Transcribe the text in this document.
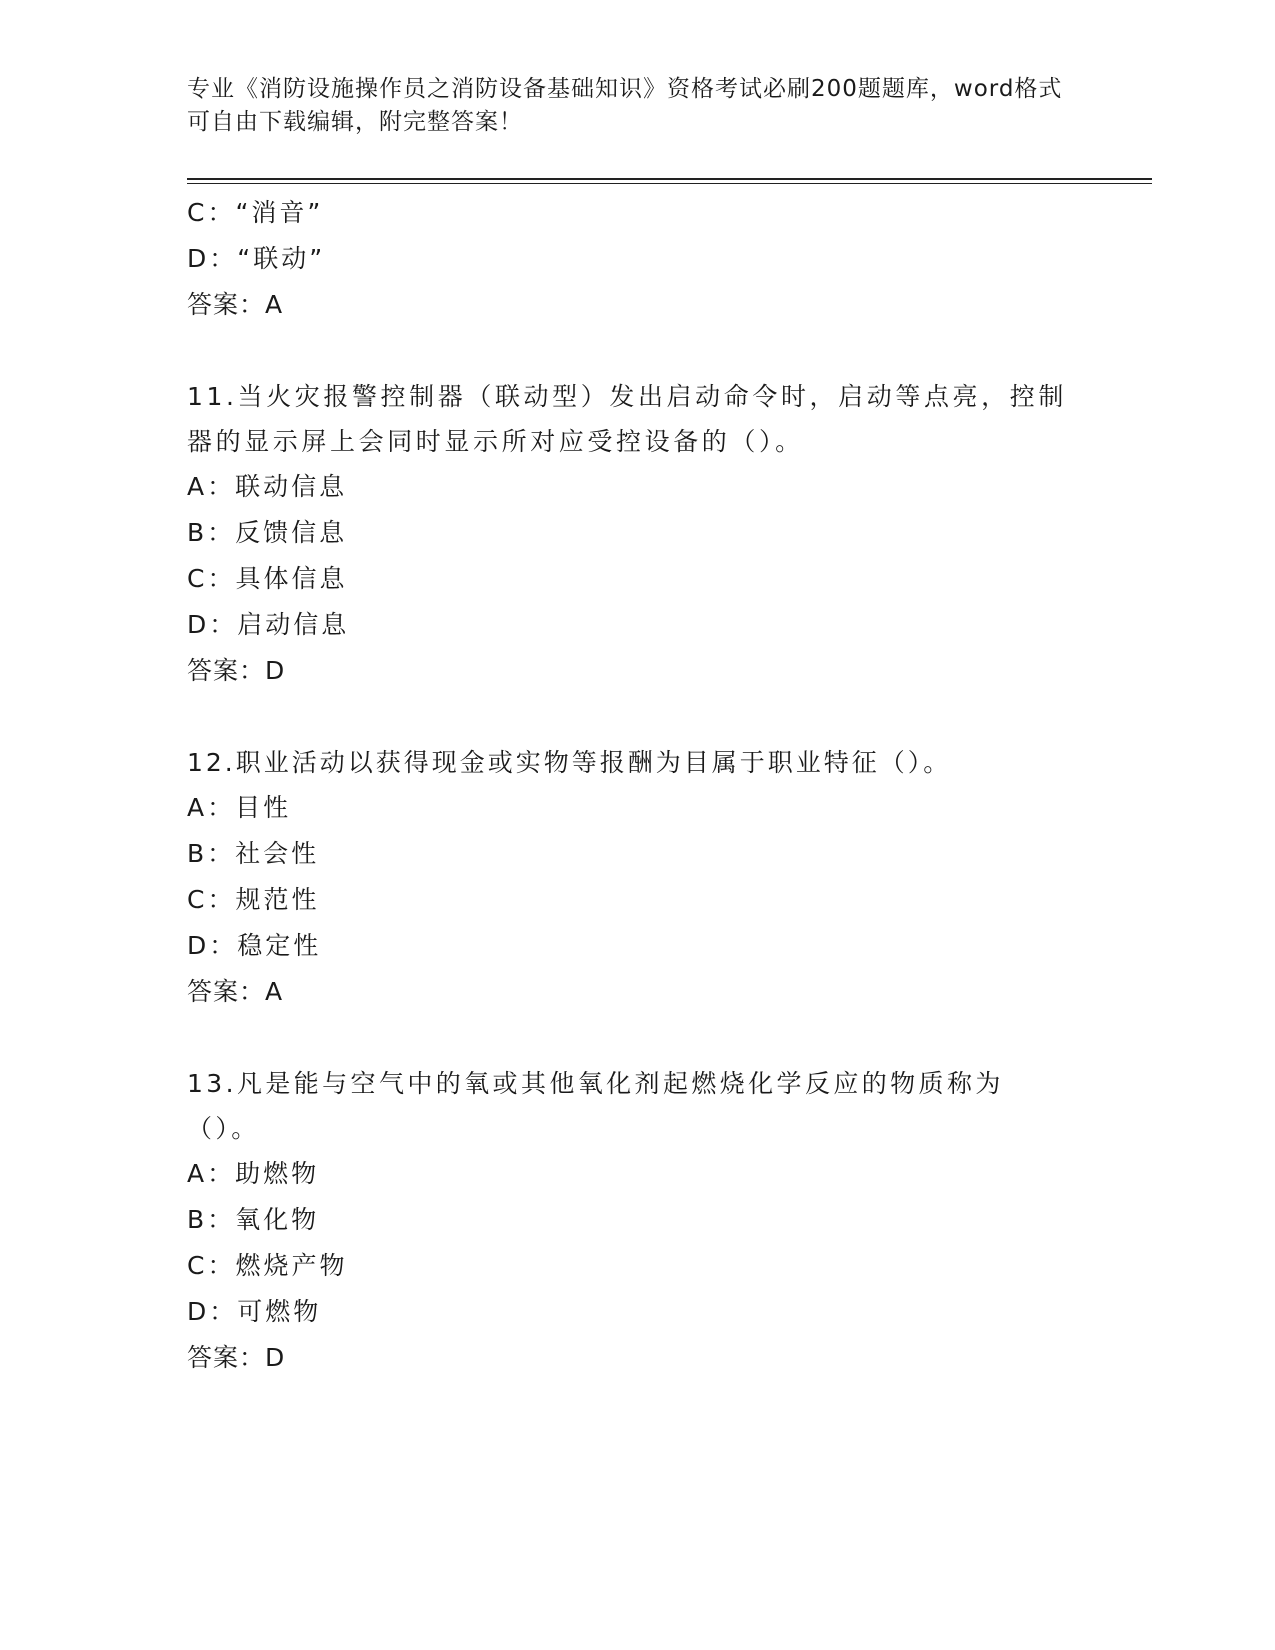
专业《消防设施操作员之消防设备基础知识》资格考试必刷200题题库，word格式可自由下载编辑，附完整答案！
C：“消音”
D：“联动”
答案：A
11.当火灾报警控制器（联动型）发出启动命令时，启动等点亮，控制器的显示屏上会同时显示所对应受控设备的（）。
A：联动信息
B：反馈信息
C：具体信息
D：启动信息
答案：D
12.职业活动以获得现金或实物等报酬为目属于职业特征（）。
A：目性
B：社会性
C：规范性
D：稳定性
答案：A
13.凡是能与空气中的氧或其他氧化剂起燃烧化学反应的物质称为（）。
A：助燃物
B：氧化物
C：燃烧产物
D：可燃物
答案：D
